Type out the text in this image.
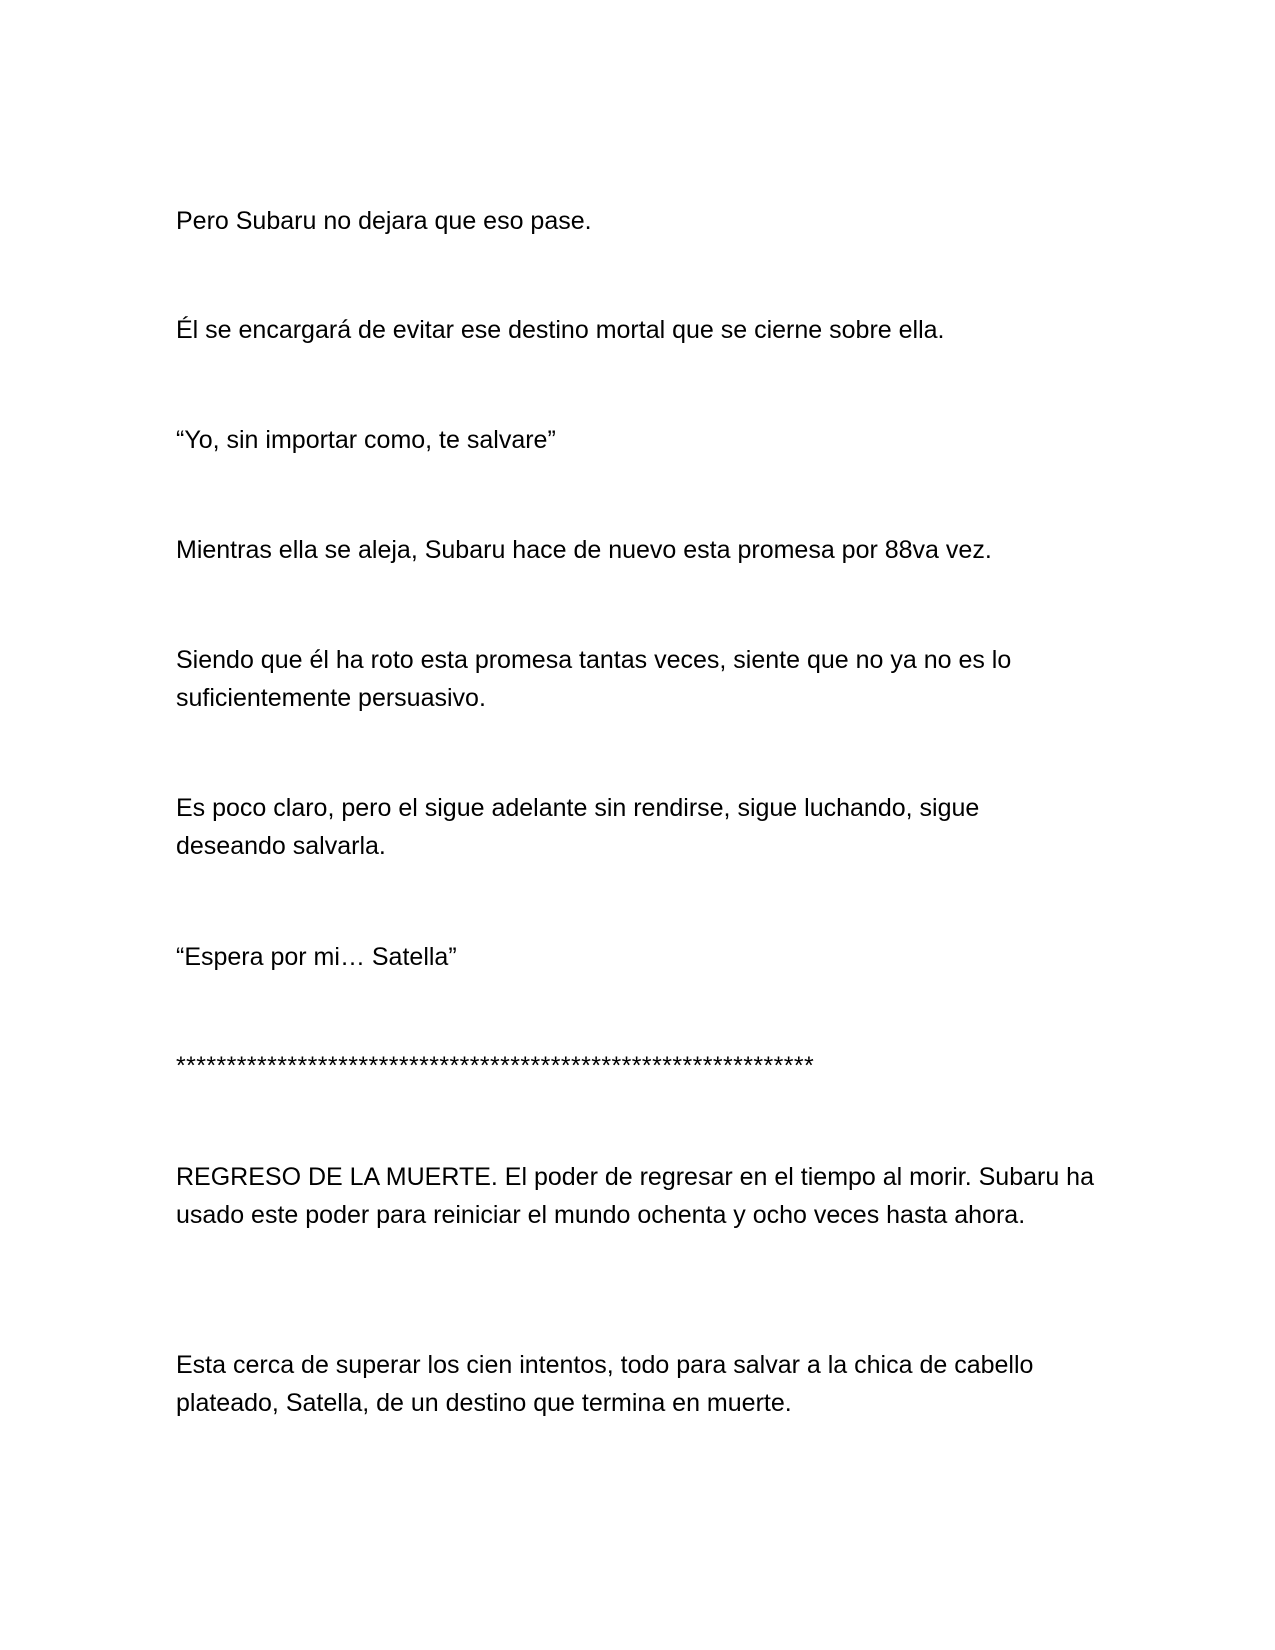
Pero Subaru no dejara que eso pase.

Él se encargará de evitar ese destino mortal que se cierne sobre ella.

“Yo, sin importar como, te salvare”

Mientras ella se aleja, Subaru hace de nuevo esta promesa por 88va vez.

Siendo que él ha roto esta promesa tantas veces, siente que no ya no es lo suficientemente persuasivo.

Es poco claro, pero el sigue adelante sin rendirse, sigue luchando, sigue deseando salvarla.

“Espera por mi… Satella”

***************************************************************

REGRESO DE LA MUERTE. El poder de regresar en el tiempo al morir. Subaru ha usado este poder para reiniciar el mundo ochenta y ocho veces hasta ahora.

Esta cerca de superar los cien intentos, todo para salvar a la chica de cabello plateado, Satella, de un destino que termina en muerte.
